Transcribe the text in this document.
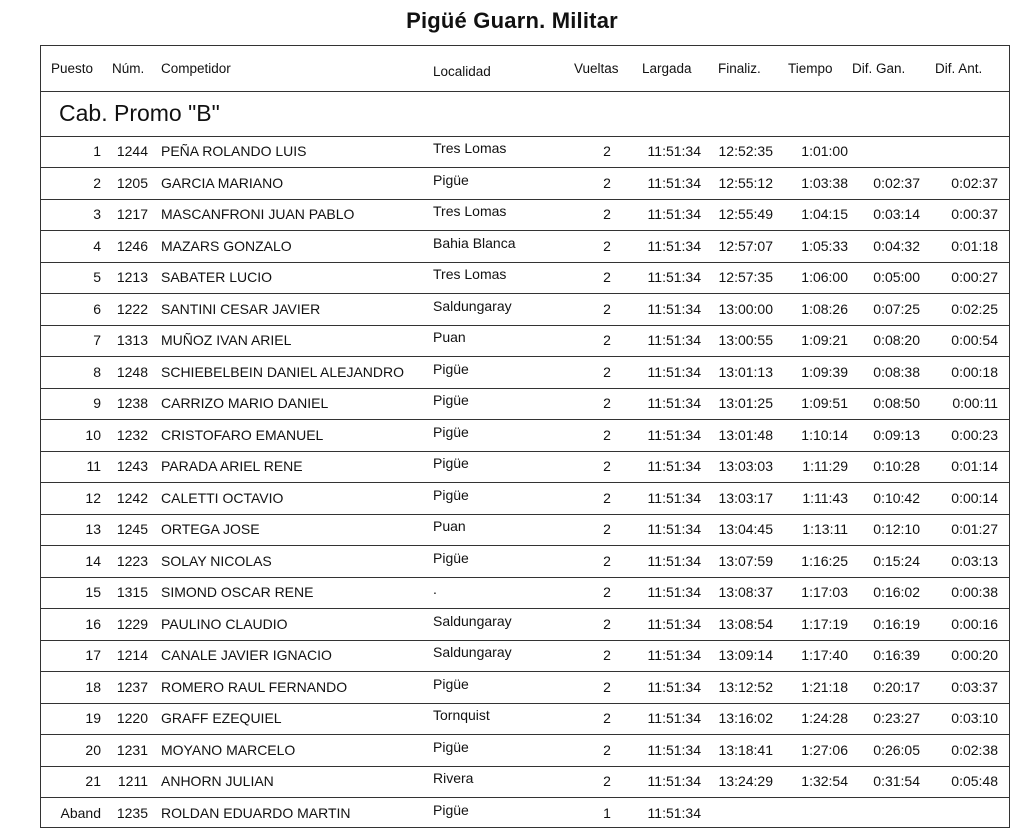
Pigüé Guarn. Militar
Puesto Núm. Competidor	Localidad	Vueltas Largada Finaliz. Tiempo Dif. Gan. Dif. Ant.
Cab. Promo "B"
1 1244 PEÑA ROLANDO LUIS	Tres Lomas	2	11:51:34 12:52:35 1:01:00
2 1205 GARCIA MARIANO	Pigüe	2	11:51:34 12:55:12 1:03:38 0:02:37 0:02:37
3 1217 MASCANFRONI JUAN PABLO	Tres Lomas	2	11:51:34 12:55:49 1:04:15 0:03:14 0:00:37
4 1246 MAZARS GONZALO	Bahia Blanca	2	11:51:34 12:57:07 1:05:33 0:04:32 0:01:18
5 1213 SABATER LUCIO	Tres Lomas	2	11:51:34 12:57:35 1:06:00 0:05:00 0:00:27
6 1222 SANTINI CESAR JAVIER	Saldungaray	2	11:51:34 13:00:00 1:08:26 0:07:25 0:02:25
7 1313 MUÑOZ IVAN ARIEL	Puan	2	11:51:34 13:00:55 1:09:21 0:08:20 0:00:54
8 1248 SCHIEBELBEIN DANIEL ALEJANDRO	Pigüe	2	11:51:34 13:01:13 1:09:39 0:08:38 0:00:18
9 1238 CARRIZO MARIO DANIEL	Pigüe	2	11:51:34 13:01:25 1:09:51 0:08:50 0:00:11
10 1232 CRISTOFARO EMANUEL	Pigüe	2	11:51:34 13:01:48 1:10:14 0:09:13 0:00:23
11 1243 PARADA ARIEL RENE	Pigüe	2	11:51:34 13:03:03 1:11:29 0:10:28 0:01:14
12 1242 CALETTI OCTAVIO	Pigüe	2	11:51:34 13:03:17 1:11:43 0:10:42 0:00:14
13 1245 ORTEGA JOSE	Puan	2	11:51:34 13:04:45 1:13:11 0:12:10 0:01:27
14 1223 SOLAY NICOLAS	Pigüe	2	11:51:34 13:07:59 1:16:25 0:15:24 0:03:13
15 1315 SIMOND OSCAR RENE	.	2	11:51:34 13:08:37 1:17:03 0:16:02 0:00:38
16 1229 PAULINO CLAUDIO	Saldungaray	2	11:51:34 13:08:54 1:17:19 0:16:19 0:00:16
17 1214 CANALE JAVIER IGNACIO	Saldungaray	2	11:51:34 13:09:14 1:17:40 0:16:39 0:00:20
18 1237 ROMERO RAUL FERNANDO	Pigüe	2	11:51:34 13:12:52 1:21:18 0:20:17 0:03:37
19 1220 GRAFF EZEQUIEL	Tornquist	2	11:51:34 13:16:02 1:24:28 0:23:27 0:03:10
20 1231 MOYANO MARCELO	Pigüe	2	11:51:34 13:18:41 1:27:06 0:26:05 0:02:38
21 1211 ANHORN JULIAN	Rivera	2	11:51:34 13:24:29 1:32:54 0:31:54 0:05:48
Aband 1235 ROLDAN EDUARDO MARTIN	Pigüe	1	11:51:34
